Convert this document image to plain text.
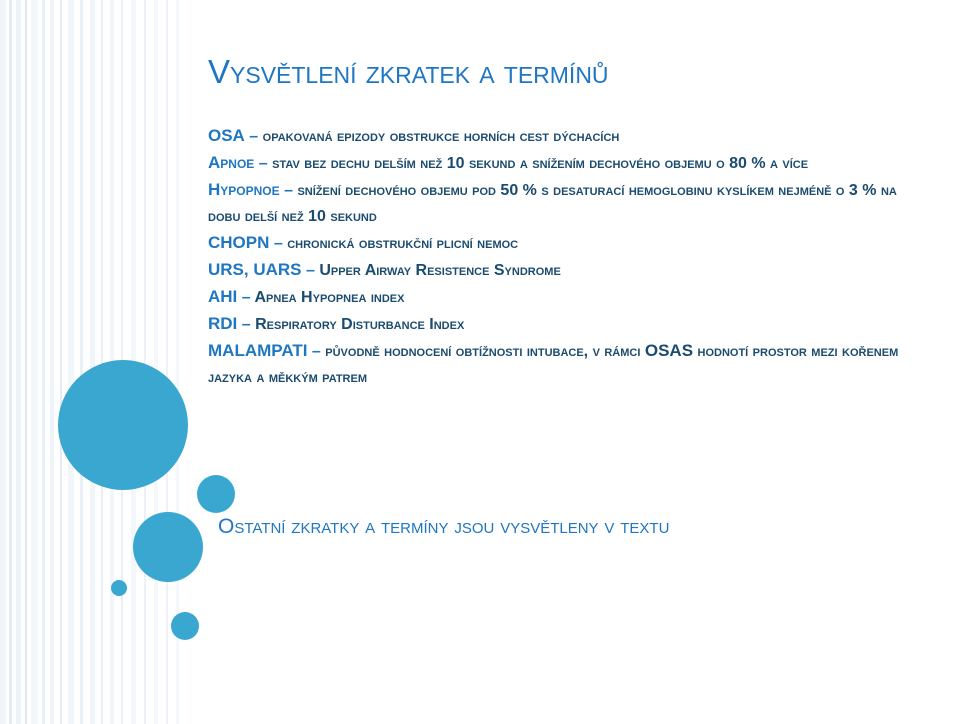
Vysvětlení zkratek a termínů

OSA – opakovaná epizody obstrukce horních cest dýchacích

Apnoe – stav bez dechu delším než 10 sekund a snížením dechového objemu o 80 % a více

Hypopnoe – snížení dechového objemu pod 50 % s desaturací hemoglobinu kyslíkem nejméně o 3 % na dobu delší než 10 sekund

CHOPN – chronická obstrukční plicní nemoc

URS, UARS – Upper Airway Resistence Syndrome

AHI – Apnea Hypopnea index

RDI – Respiratory Disturbance Index

MALAMPATI – původně hodnocení obtížnosti intubace, v rámci OSAS hodnotí prostor mezi kořenem jazyka a měkkým patrem

Ostatní zkratky a termíny jsou vysvětleny v textu
